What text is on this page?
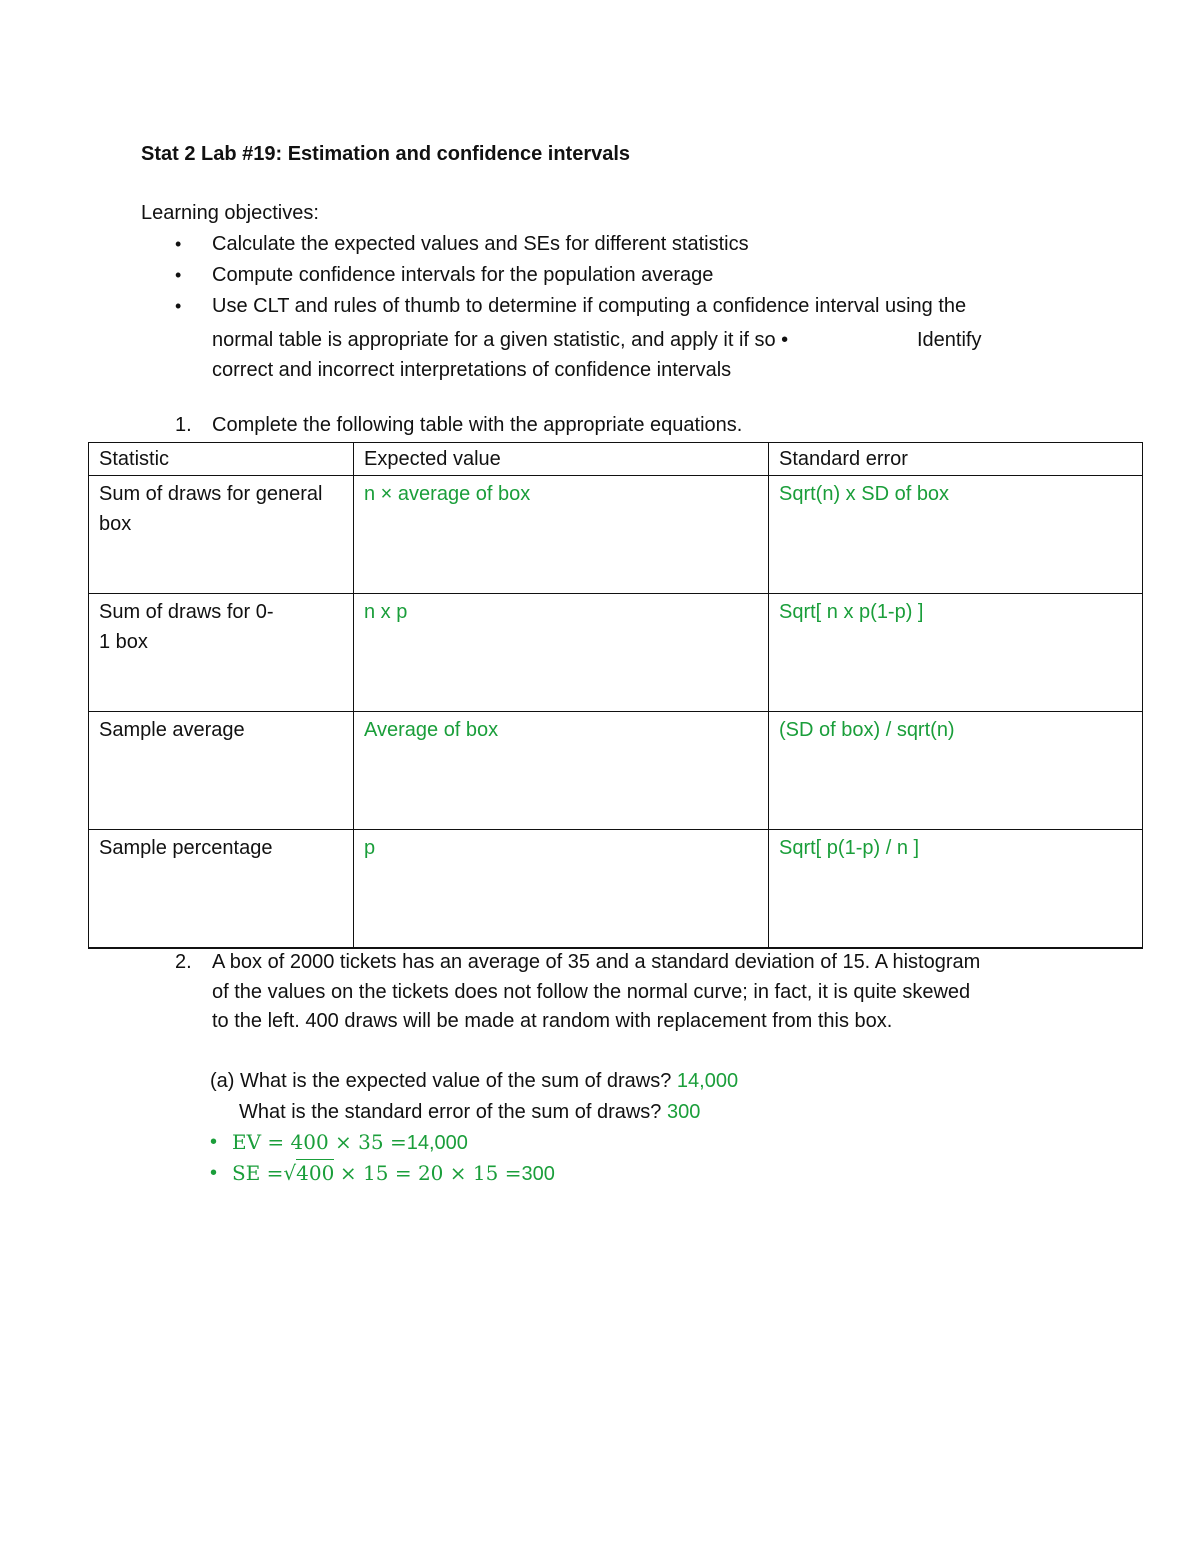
Stat 2 Lab #19: Estimation and confidence intervals
Learning objectives:
• Calculate the expected values and SEs for different statistics
• Compute confidence intervals for the population average
• Use CLT and rules of thumb to determine if computing a confidence interval using the
normal table is appropriate for a given statistic, and apply it if so •	Identify
correct and incorrect interpretations of confidence intervals
1. Complete the following table with the appropriate equations.
Statistic	Expected value	Standard error

Sum of draws for general
box	n × average of box	Sqrt(n) x SD of box

Sum of draws for 0-
1 box	n x p	Sqrt[ n x p(1-p) ]

Sample average	Average of box	(SD of box) / sqrt(n)

Sample percentage	p	Sqrt[ p(1-p) / n ]
2. A box of 2000 tickets has an average of 35 and a standard deviation of 15. A histogram
of the values on the tickets does not follow the normal curve; in fact, it is quite skewed
to the left. 400 draws will be made at random with replacement from this box.
(a) What is the expected value of the sum of draws? 14,000
What is the standard error of the sum of draws? 300
• EV = 400 × 35 =14,000
• SE =√400 × 15 = 20 × 15 =300
